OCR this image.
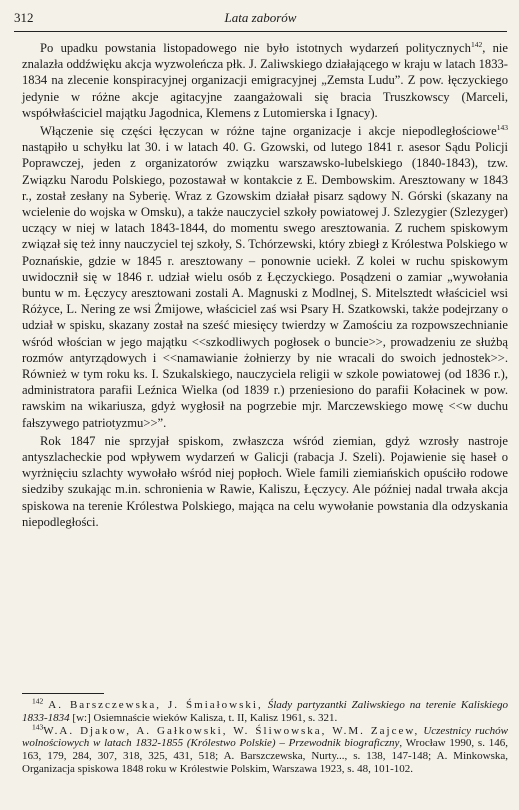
312	Lata zaborów

Po upadku powstania listopadowego nie było istotnych wydarzeń politycznych$^{142}$, nie znalazła oddźwięku akcja wyzwoleńcza płk. J. Zaliwskiego działającego w kraju w latach 1833-1834 na zlecenie konspiracyjnej organizacji emigracyjnej „Zemsta Ludu”. Z pow. łęczyckiego jedynie w różne akcje agitacyjne zaangażowali się bracia Truszkowscy (Marceli, współwłaściciel majątku Jagodnica, Klemens z Lutomierska i Ignacy).

Włączenie się części łęczycan w różne tajne organizacje i akcje niepodległościowe$^{143}$ nastąpiło u schyłku lat 30. i w latach 40. G. Gzowski, od lutego 1841 r. asesor Sądu Policji Poprawczej, jeden z organizatorów związku warszawsko-lubelskiego (1840-1843), tzw. Związku Narodu Polskiego, pozostawał w kontakcie z E. Dembowskim. Aresztowany w 1843 r., został zesłany na Syberię. Wraz z Gzowskim działał pisarz sądowy N. Górski (skazany na wcielenie do wojska w Omsku), a także nauczyciel szkoły powiatowej J. Szlezygier (Szlezyger) uczący w niej w latach 1843-1844, do momentu swego aresztowania. Z ruchem spiskowym związał się też inny nauczyciel tej szkoły, S. Tchórzewski, który zbiegł z Królestwa Polskiego w Poznańskie, gdzie w 1845 r. aresztowany – ponownie uciekł. Z kolei w ruchu spiskowym uwidocznił się w 1846 r. udział wielu osób z Łęczyckiego. Posądzeni o zamiar „wywołania buntu w m. Łęczycy aresztowani zostali A. Magnuski z Modlnej, S. Mitelsztedt właściciel wsi Różyce, L. Nering ze wsi Żmijowe, właściciel zaś wsi Psary H. Szatkowski, także podejrzany o udział w spisku, skazany został na sześć miesięcy twierdzy w Zamościu za rozpowszechnianie wśród włościan w jego majątku <<szkodliwych pogłosek o buncie>>, prowadzeniu ze służbą rozmów antyrządowych i <<namawianie żołnierzy by nie wracali do swoich jednostek>>. Również w tym roku ks. I. Szukalskiego, nauczyciela religii w szkole powiatowej (od 1836 r.), administratora parafii Leźnica Wielka (od 1839 r.) przeniesiono do parafii Kołacinek w pow. rawskim na wikariusza, gdyż wygłosił na pogrzebie mjr. Marczewskiego mowę <<w duchu fałszywego patriotyzmu>>”.

Rok 1847 nie sprzyjał spiskom, zwłaszcza wśród ziemian, gdyż wzrosły nastroje antyszlacheckie pod wpływem wydarzeń w Galicji (rabacja J. Szeli). Pojawienie się haseł o wyrżnięciu szlachty wywołało wśród niej popłoch. Wiele famili ziemiańskich opuściło rodowe siedziby szukając m.in. schronienia w Rawie, Kaliszu, Łęczycy. Ale później nadal trwała akcja spiskowa na terenie Królestwa Polskiego, mająca na celu wywołanie powstania dla odzyskania niepodległości.

$^{142}$ A. Barszczewska, J. Śmiałowski, Ślady partyzantki Zaliwskiego na terenie Kaliskiego 1833-1834 [w:] Osiemnaście wieków Kalisza, t. II, Kalisz 1961, s. 321.

$^{143}$W.A. Djakow, A. Gałkowski, W. Śliwowska, W.M. Zajcew, Uczestnicy ruchów wolnościowych w latach 1832-1855 (Królestwo Polskie) – Przewodnik biograficzny, Wrocław 1990, s. 146, 163, 179, 284, 307, 318, 325, 431, 518; A. Barszczewska, Nurty..., s. 138, 147-148; A. Minkowska, Organizacja spiskowa 1848 roku w Królestwie Polskim, Warszawa 1923, s. 48, 101-102.
